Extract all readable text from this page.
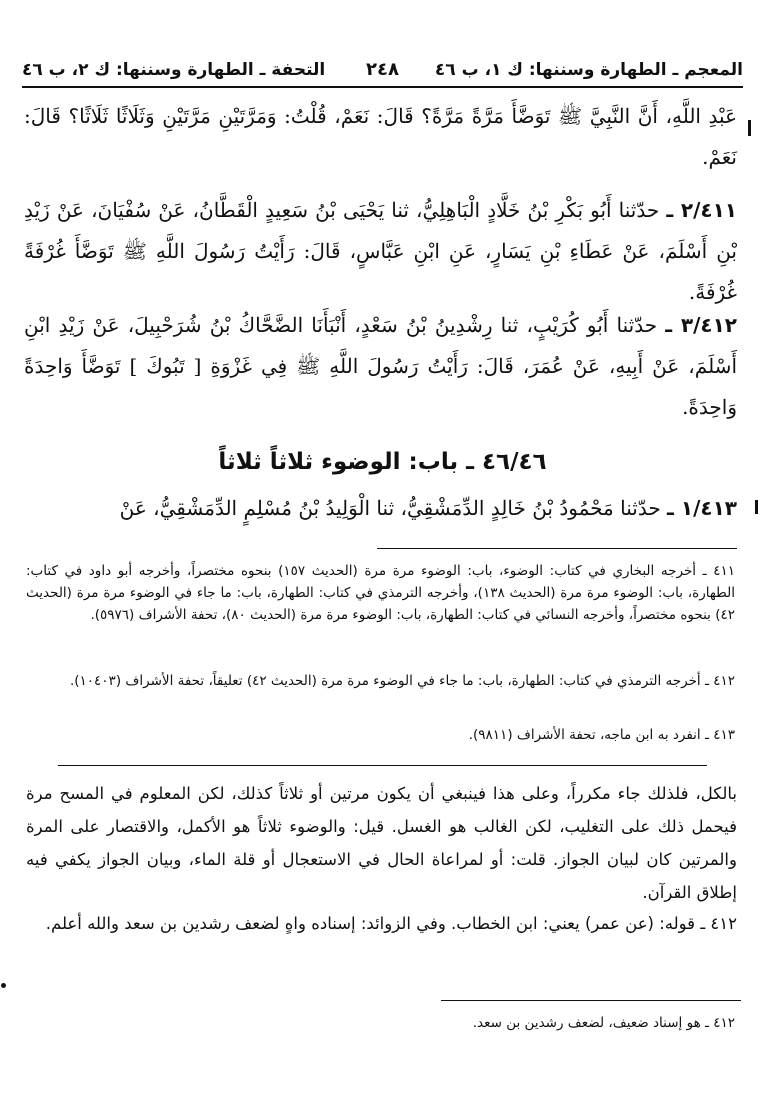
المعجم ـ الطهارة وسننها: ك ١، ب ٤٦
٢٤٨
التحفة ـ الطهارة وسننها: ك ٢، ب ٤٦
عَبْدِ اللَّهِ، أَنَّ النَّبِيَّ ﷺ تَوَضَّأَ مَرَّةً مَرَّةً؟ قَالَ: نَعَمْ، قُلْتُ: وَمَرَّتَيْنِ مَرَّتَيْنِ وَثَلَاثًا ثَلَاثًا؟ قَالَ: نَعَمْ.
٢/٤١١ ـ حدّثنا أَبُو بَكْرِ بْنُ خَلَّادٍ الْبَاهِلِيُّ، ثنا يَحْيَى بْنُ سَعِيدٍ الْقَطَّانُ، عَنْ سُفْيَانَ، عَنْ زَيْدِ بْنِ أَسْلَمَ، عَنْ عَطَاءِ بْنِ يَسَارٍ، عَنِ ابْنِ عَبَّاسٍ، قَالَ: رَأَيْتُ رَسُولَ اللَّهِ ﷺ تَوَضَّأَ غُرْفَةً غُرْفَةً.
٣/٤١٢ ـ حدّثنا أَبُو كُرَيْبٍ، ثنا رِشْدِينُ بْنُ سَعْدٍ، أَنْبَأَنَا الضَّحَّاكُ بْنُ شُرَحْبِيلَ، عَنْ زَيْدِ ابْنِ أَسْلَمَ، عَنْ أَبِيهِ، عَنْ عُمَرَ، قَالَ: رَأَيْتُ رَسُولَ اللَّهِ ﷺ فِي غَزْوَةِ [ تَبُوكَ ] تَوَضَّأَ وَاحِدَةً وَاحِدَةً.
٤٦/٤٦ ـ باب: الوضوء ثلاثاً ثلاثاً
١/٤١٣ ـ حدّثنا مَحْمُودُ بْنُ خَالِدٍ الدِّمَشْقِيُّ، ثنا الْوَلِيدُ بْنُ مُسْلِمٍ الدِّمَشْقِيُّ، عَنْ
٤١١ ـ أخرجه البخاري في كتاب: الوضوء، باب: الوضوء مرة مرة (الحديث ١٥٧) بنحوه مختصراً، وأخرجه أبو داود في كتاب: الطهارة، باب: الوضوء مرة مرة (الحديث ١٣٨)، وأخرجه الترمذي في كتاب: الطهارة، باب: ما جاء في الوضوء مرة مرة (الحديث ٤٢) بنحوه مختصراً، وأخرجه النسائي في كتاب: الطهارة، باب: الوضوء مرة مرة (الحديث ٨٠)، تحفة الأشراف (٥٩٧٦).
٤١٢ ـ أخرجه الترمذي في كتاب: الطهارة، باب: ما جاء في الوضوء مرة مرة (الحديث ٤٢) تعليقاً، تحفة الأشراف (١٠٤٠٣).
٤١٣ ـ انفرد به ابن ماجه، تحفة الأشراف (٩٨١١).
بالكل، فلذلك جاء مكرراً، وعلى هذا فينبغي أن يكون مرتين أو ثلاثاً كذلك، لكن المعلوم في المسح مرة فيحمل ذلك على التغليب، لكن الغالب هو الغسل. قيل: والوضوء ثلاثاً هو الأكمل، والاقتصار على المرة والمرتين كان لبيان الجواز. قلت: أو لمراعاة الحال في الاستعجال أو قلة الماء، وبيان الجواز يكفي فيه إطلاق القرآن.
٤١٢ ـ قوله: (عن عمر) يعني: ابن الخطاب. وفي الزوائد: إسناده واهٍ لضعف رشدين بن سعد والله أعلم.
٤١٢ ـ هو إسناد ضعيف، لضعف رشدين بن سعد.
